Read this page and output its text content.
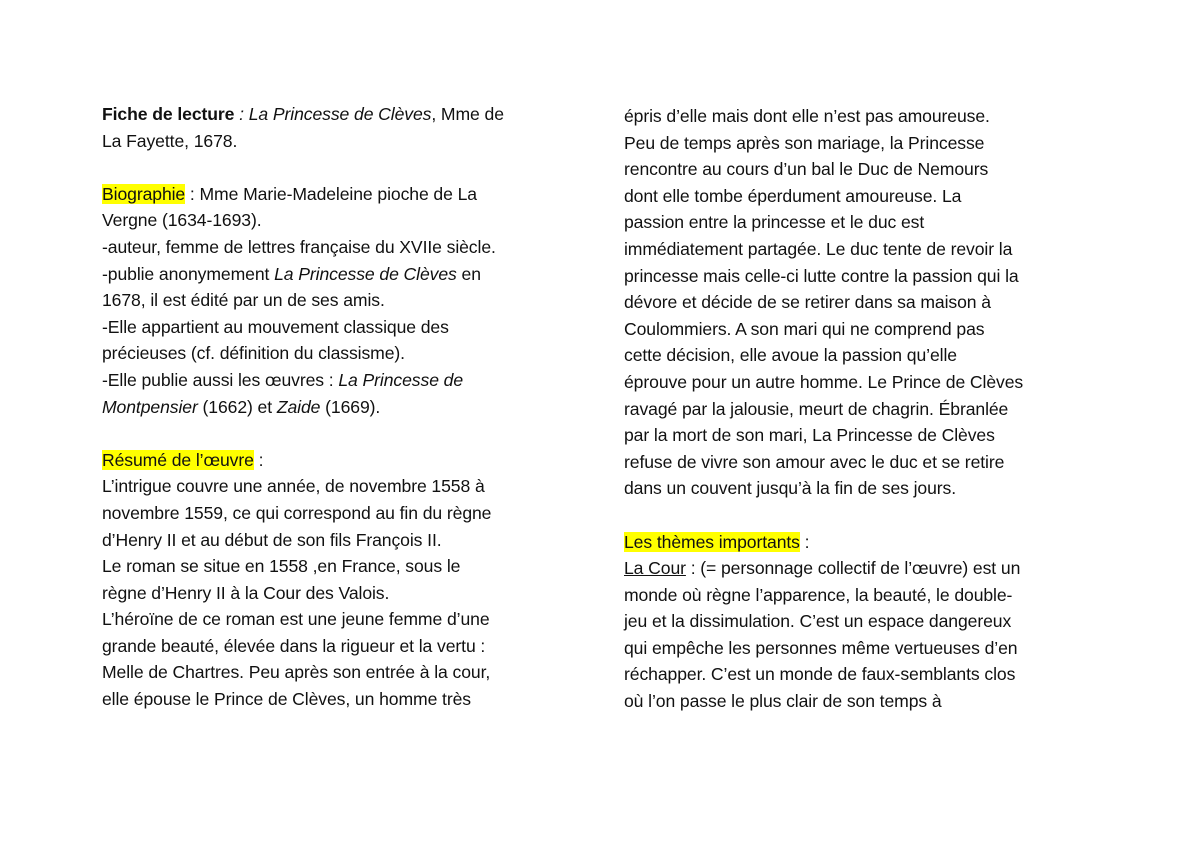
Fiche de lecture : La Princesse de Clèves, Mme de
La Fayette, 1678.
Biographie : Mme Marie-Madeleine pioche de La
Vergne (1634-1693).
-auteur, femme de lettres française du XVIIe siècle.
-publie anonymement La Princesse de Clèves en
1678, il est édité par un de ses amis.
-Elle appartient au mouvement classique des
précieuses (cf. définition du classisme).
-Elle publie aussi les œuvres : La Princesse de
Montpensier (1662) et Zaide (1669).
Résumé de l’œuvre :
L’intrigue couvre une année, de novembre 1558 à
novembre 1559, ce qui correspond au fin du règne
d’Henry II et au début de son fils François II.
Le roman se situe en 1558 ,en France, sous le
règne d’Henry II à la Cour des Valois.
L’héroïne de ce roman est une jeune femme d’une
grande beauté, élevée dans la rigueur et la vertu :
Melle de Chartres. Peu après son entrée à la cour,
elle épouse le Prince de Clèves, un homme très
épris d’elle mais dont elle n’est pas amoureuse.
Peu de temps après son mariage, la Princesse
rencontre au cours d’un bal le Duc de Nemours
dont elle tombe éperdument amoureuse. La
passion entre la princesse et le duc est
immédiatement partagée. Le duc tente de revoir la
princesse mais celle-ci lutte contre la passion qui la
dévore et décide de se retirer dans sa maison à
Coulommiers. A son mari qui ne comprend pas
cette décision, elle avoue la passion qu’elle
éprouve pour un autre homme. Le Prince de Clèves
ravagé par la jalousie, meurt de chagrin. Ébranlée
par la mort de son mari, La Princesse de Clèves
refuse de vivre son amour avec le duc et se retire
dans un couvent jusqu’à la fin de ses jours.
Les thèmes importants :
La Cour : (= personnage collectif de l’œuvre) est un
monde où règne l’apparence, la beauté, le double-
jeu et la dissimulation. C’est un espace dangereux
qui empêche les personnes même vertueuses d’en
réchapper. C’est un monde de faux-semblants clos
où l’on passe le plus clair de son temps à
